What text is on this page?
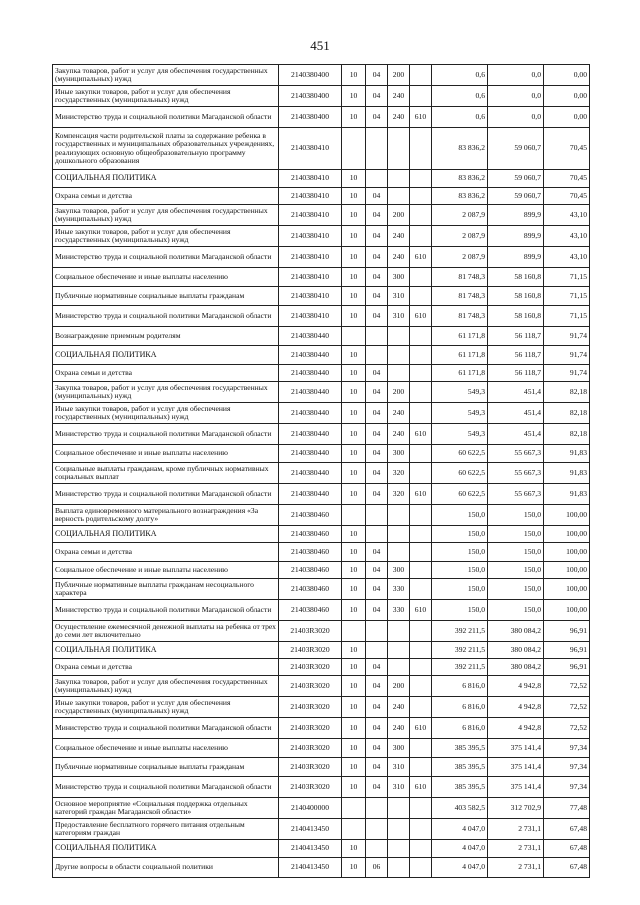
451
Закупка товаров, работ и услуг для обеспечения государственных (муниципальных) нужд	2140380400	10	04	200		0,6	0,0	0,00
Иные закупки товаров, работ и услуг для обеспечения государственных (муниципальных) нужд	2140380400	10	04	240		0,6	0,0	0,00
Министерство труда и социальной политики Магаданской области	2140380400	10	04	240	610	0,6	0,0	0,00
Компенсация части родительской платы за содержание ребенка в государственных и муниципальных образовательных учреждениях, реализующих основную общеобразовательную программу дошкольного образования	2140380410					83 836,2	59 060,7	70,45
СОЦИАЛЬНАЯ ПОЛИТИКА	2140380410	10				83 836,2	59 060,7	70,45
Охрана семьи и детства	2140380410	10	04			83 836,2	59 060,7	70,45
Закупка товаров, работ и услуг для обеспечения государственных (муниципальных) нужд	2140380410	10	04	200		2 087,9	899,9	43,10
Иные закупки товаров, работ и услуг для обеспечения государственных (муниципальных) нужд	2140380410	10	04	240		2 087,9	899,9	43,10
Министерство труда и социальной политики Магаданской области	2140380410	10	04	240	610	2 087,9	899,9	43,10
Социальное обеспечение и иные выплаты населению	2140380410	10	04	300		81 748,3	58 160,8	71,15
Публичные нормативные социальные выплаты гражданам	2140380410	10	04	310		81 748,3	58 160,8	71,15
Министерство труда и социальной политики Магаданской области	2140380410	10	04	310	610	81 748,3	58 160,8	71,15
Вознаграждение приемным родителям	2140380440					61 171,8	56 118,7	91,74
СОЦИАЛЬНАЯ ПОЛИТИКА	2140380440	10				61 171,8	56 118,7	91,74
Охрана семьи и детства	2140380440	10	04			61 171,8	56 118,7	91,74
Закупка товаров, работ и услуг для обеспечения государственных (муниципальных) нужд	2140380440	10	04	200		549,3	451,4	82,18
Иные закупки товаров, работ и услуг для обеспечения государственных (муниципальных) нужд	2140380440	10	04	240		549,3	451,4	82,18
Министерство труда и социальной политики Магаданской области	2140380440	10	04	240	610	549,3	451,4	82,18
Социальное обеспечение и иные выплаты населению	2140380440	10	04	300		60 622,5	55 667,3	91,83
Социальные выплаты гражданам, кроме публичных нормативных социальных выплат	2140380440	10	04	320		60 622,5	55 667,3	91,83
Министерство труда и социальной политики Магаданской области	2140380440	10	04	320	610	60 622,5	55 667,3	91,83
Выплата единовременного материального вознаграждения «За верность родительскому долгу»	2140380460					150,0	150,0	100,00
СОЦИАЛЬНАЯ ПОЛИТИКА	2140380460	10				150,0	150,0	100,00
Охрана семьи и детства	2140380460	10	04			150,0	150,0	100,00
Социальное обеспечение и иные выплаты населению	2140380460	10	04	300		150,0	150,0	100,00
Публичные нормативные выплаты гражданам несоциального характера	2140380460	10	04	330		150,0	150,0	100,00
Министерство труда и социальной политики Магаданской области	2140380460	10	04	330	610	150,0	150,0	100,00
Осуществление ежемесячной денежной выплаты на ребенка от трех до семи лет включительно	21403R3020					392 211,5	380 084,2	96,91
СОЦИАЛЬНАЯ ПОЛИТИКА	21403R3020	10				392 211,5	380 084,2	96,91
Охрана семьи и детства	21403R3020	10	04			392 211,5	380 084,2	96,91
Закупка товаров, работ и услуг для обеспечения государственных (муниципальных) нужд	21403R3020	10	04	200		6 816,0	4 942,8	72,52
Иные закупки товаров, работ и услуг для обеспечения государственных (муниципальных) нужд	21403R3020	10	04	240		6 816,0	4 942,8	72,52
Министерство труда и социальной политики Магаданской области	21403R3020	10	04	240	610	6 816,0	4 942,8	72,52
Социальное обеспечение и иные выплаты населению	21403R3020	10	04	300		385 395,5	375 141,4	97,34
Публичные нормативные социальные выплаты гражданам	21403R3020	10	04	310		385 395,5	375 141,4	97,34
Министерство труда и социальной политики Магаданской области	21403R3020	10	04	310	610	385 395,5	375 141,4	97,34
Основное мероприятие «Социальная поддержка отдельных категорий граждан Магаданской области»	2140400000					403 582,5	312 702,9	77,48
Предоставление бесплатного горячего питания отдельным категориям граждан	2140413450					4 047,0	2 731,1	67,48
СОЦИАЛЬНАЯ ПОЛИТИКА	2140413450	10				4 047,0	2 731,1	67,48
Другие вопросы в области социальной политики	2140413450	10	06			4 047,0	2 731,1	67,48
